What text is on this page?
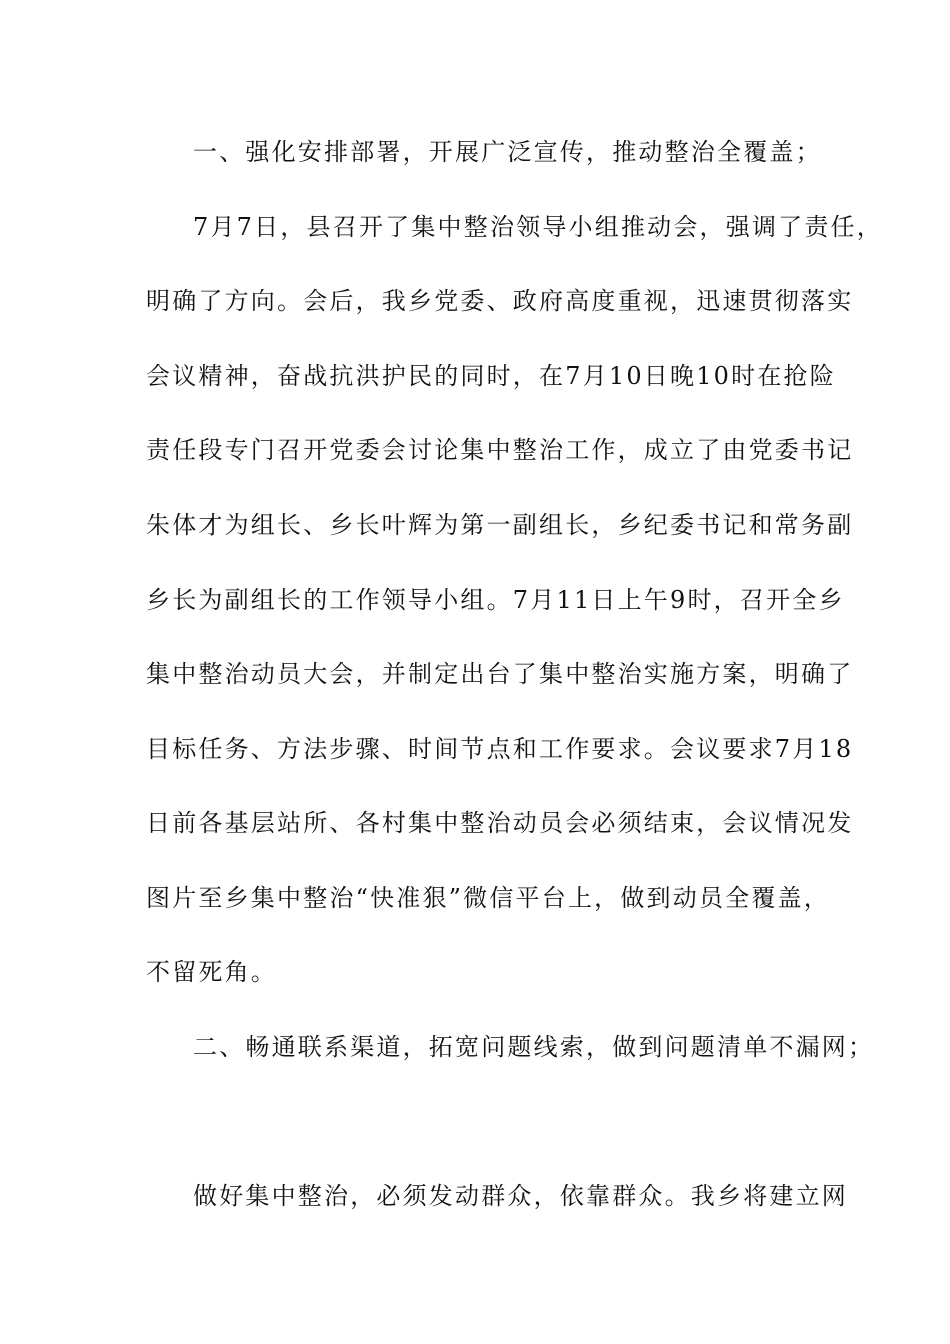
一、强化安排部署，开展广泛宣传，推动整治全覆盖；
7月7日，县召开了集中整治领导小组推动会，强调了责任，
明确了方向。会后，我乡党委、政府高度重视，迅速贯彻落实
会议精神，奋战抗洪护民的同时，在7月10日晚10时在抢险
责任段专门召开党委会讨论集中整治工作，成立了由党委书记
朱体才为组长、乡长叶辉为第一副组长，乡纪委书记和常务副
乡长为副组长的工作领导小组。7月11日上午9时，召开全乡
集中整治动员大会，并制定出台了集中整治实施方案，明确了
目标任务、方法步骤、时间节点和工作要求。会议要求7月18
日前各基层站所、各村集中整治动员会必须结束，会议情况发
图片至乡集中整治“快准狠”微信平台上，做到动员全覆盖，
不留死角。
二、畅通联系渠道，拓宽问题线索，做到问题清单不漏网；
做好集中整治，必须发动群众，依靠群众。我乡将建立网
